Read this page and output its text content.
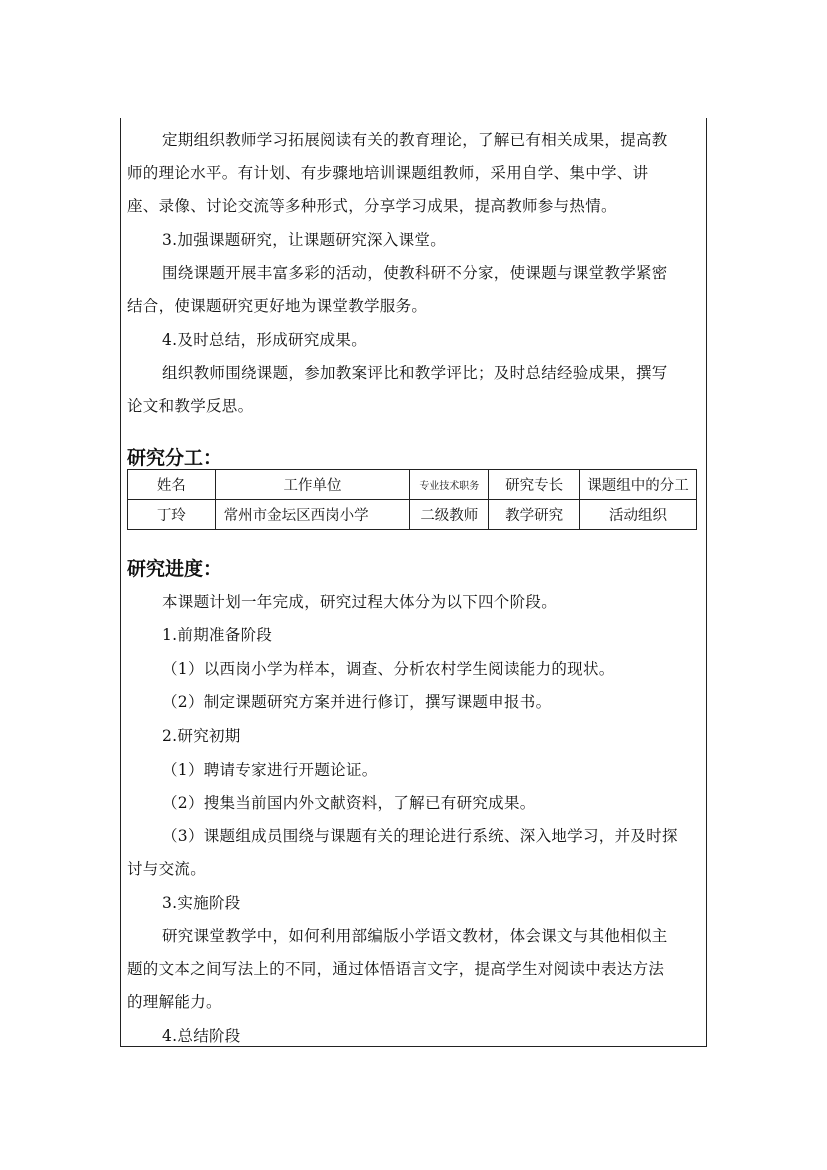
定期组织教师学习拓展阅读有关的教育理论，了解已有相关成果，提高教
师的理论水平。有计划、有步骤地培训课题组教师，采用自学、集中学、讲
座、录像、讨论交流等多种形式，分享学习成果，提高教师参与热情。
3.加强课题研究，让课题研究深入课堂。
围绕课题开展丰富多彩的活动，使教科研不分家，使课题与课堂教学紧密
结合，使课题研究更好地为课堂教学服务。
4.及时总结，形成研究成果。
组织教师围绕课题，参加教案评比和教学评比；及时总结经验成果，撰写
论文和教学反思。
研究分工：
姓名	工作单位	专业技术职务	研究专长	课题组中的分工
丁玲	常州市金坛区西岗小学	二级教师	教学研究	活动组织
研究进度：
本课题计划一年完成，研究过程大体分为以下四个阶段。
1.前期准备阶段
（1）以西岗小学为样本，调查、分析农村学生阅读能力的现状。
（2）制定课题研究方案并进行修订，撰写课题申报书。
2.研究初期
（1）聘请专家进行开题论证。
（2）搜集当前国内外文献资料，了解已有研究成果。
（3）课题组成员围绕与课题有关的理论进行系统、深入地学习，并及时探
讨与交流。
3.实施阶段
研究课堂教学中，如何利用部编版小学语文教材，体会课文与其他相似主
题的文本之间写法上的不同，通过体悟语言文字，提高学生对阅读中表达方法
的理解能力。
4.总结阶段
